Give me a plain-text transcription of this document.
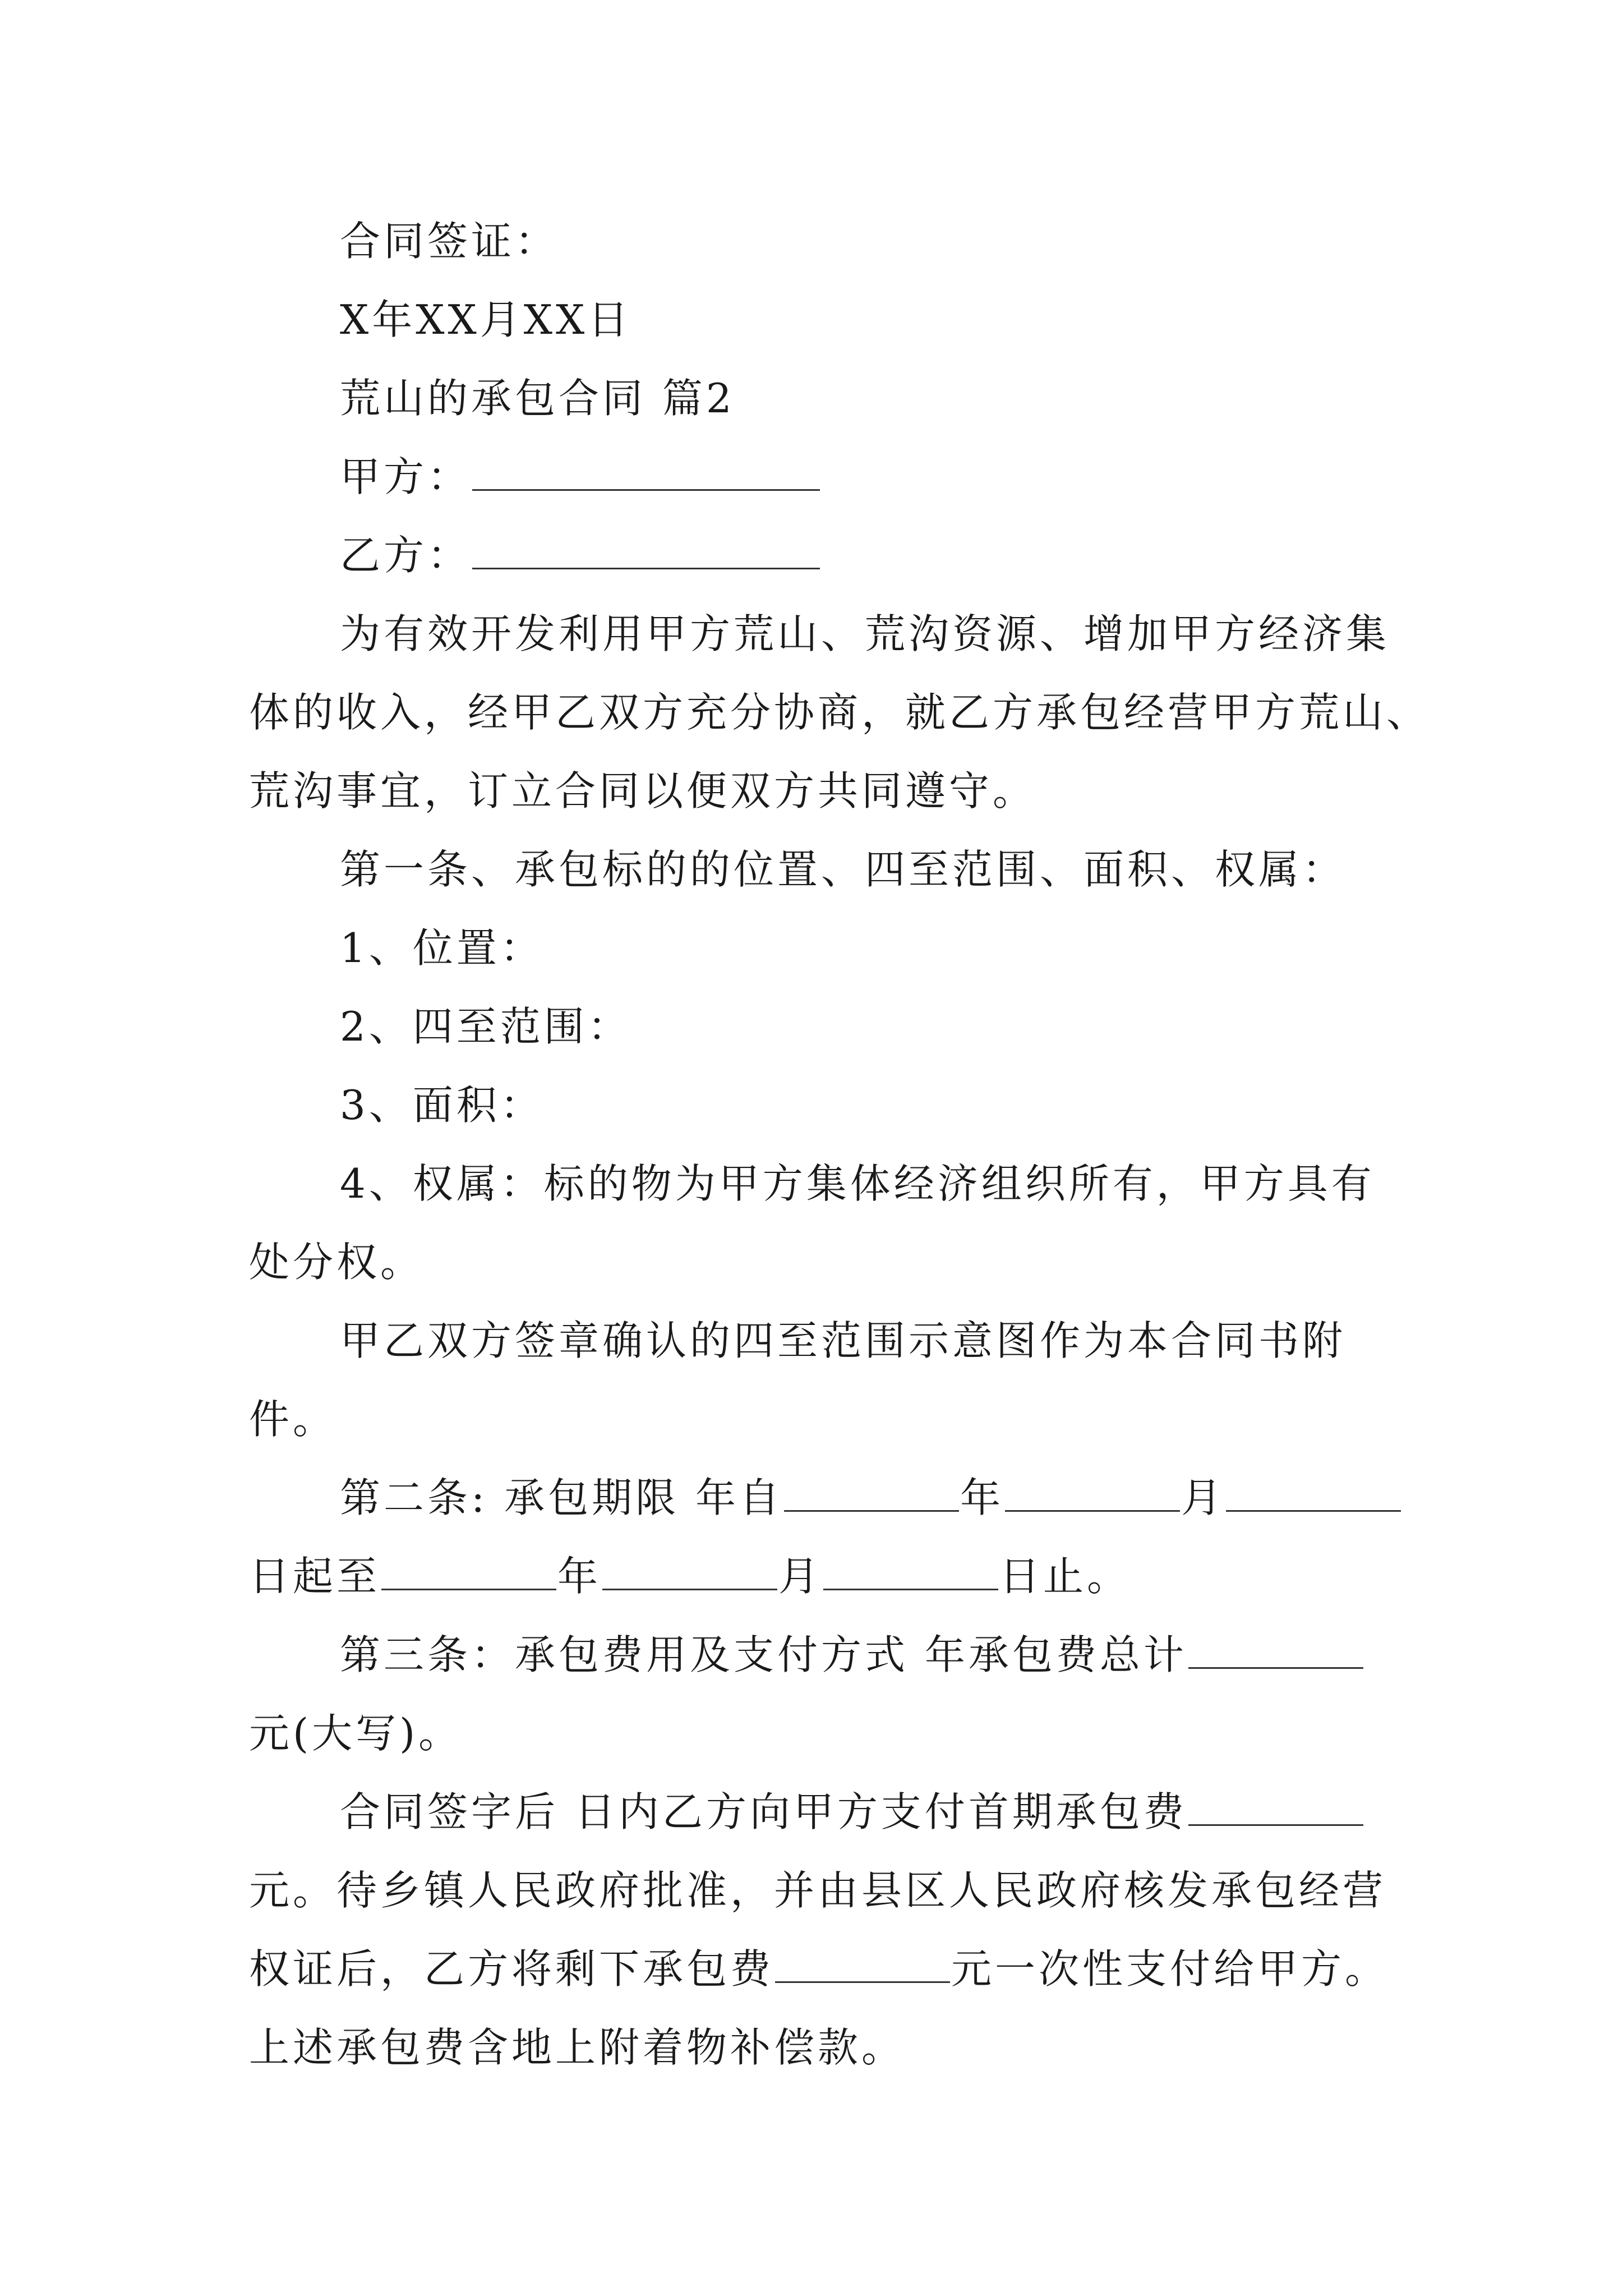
合同签证：
X年XX月XX日
荒山的承包合同 篇2
甲方：
乙方：
为有效开发利用甲方荒山、荒沟资源、增加甲方经济集
体的收入，经甲乙双方充分协商，就乙方承包经营甲方荒山、
荒沟事宜，订立合同以便双方共同遵守。
第一条、承包标的的位置、四至范围、面积、权属：
1、位置：
2、四至范围：
3、面积：
4、权属：标的物为甲方集体经济组织所有，甲方具有
处分权。
甲乙双方签章确认的四至范围示意图作为本合同书附
件。
第二条: 承包期限 年自	年	月
日起至	年	月	日止。
第三条：承包费用及支付方式 年承包费总计
元(大写)。
合同签字后 日内乙方向甲方支付首期承包费
元。待乡镇人民政府批准，并由县区人民政府核发承包经营
权证后，乙方将剩下承包费	元一次性支付给甲方。
上述承包费含地上附着物补偿款。
